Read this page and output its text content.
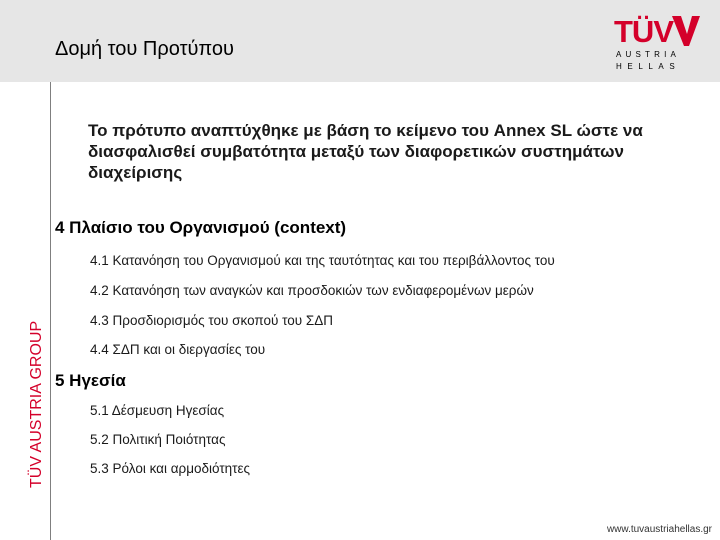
Δομή του Προτύπου	TÜV
AUSTRIA
HELLAS
TÜV AUSTRIA GROUP
Το πρότυπο αναπτύχθηκε με βάση το κείμενο του Annex SL ώστε να διασφαλισθεί συμβατότητα μεταξύ των διαφορετικών συστημάτων διαχείρισης
4 Πλαίσιο του Οργανισμού (context)
4.1 Κατανόηση του Οργανισμού και της ταυτότητας και του περιβάλλοντος του
4.2 Κατανόηση των αναγκών και προσδοκιών των ενδιαφερομένων μερών
4.3 Προσδιορισμός του σκοπού του ΣΔΠ
4.4 ΣΔΠ και οι διεργασίες του
5 Ηγεσία
5.1 Δέσμευση Ηγεσίας
5.2 Πολιτική Ποιότητας
5.3 Ρόλοι και αρμοδιότητες
www.tuvaustriahellas.gr
